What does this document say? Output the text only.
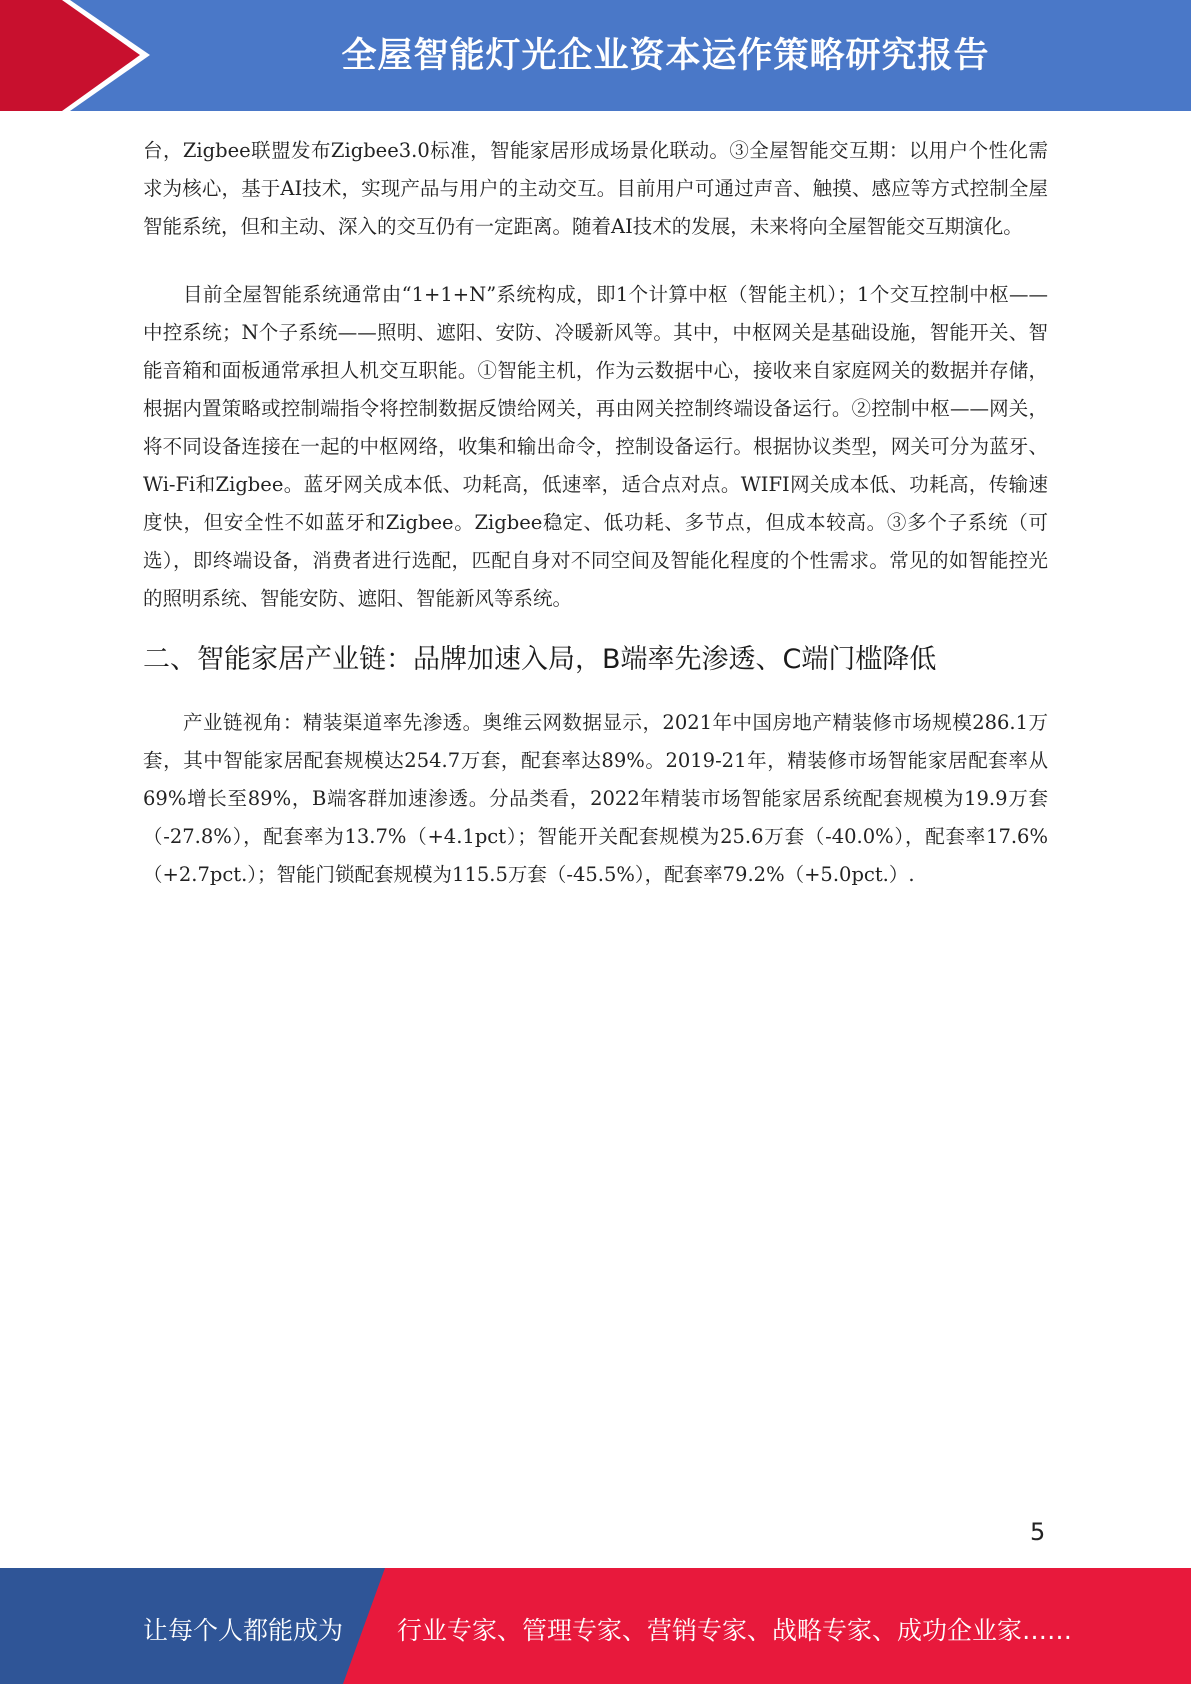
全屋智能灯光企业资本运作策略研究报告

台，Zigbee联盟发布Zigbee3.0标准，智能家居形成场景化联动。③全屋智能交互期：以用户个性化需求为核心，基于AI技术，实现产品与用户的主动交互。目前用户可通过声音、触摸、感应等方式控制全屋智能系统，但和主动、深入的交互仍有一定距离。随着AI技术的发展，未来将向全屋智能交互期演化。

目前全屋智能系统通常由“1+1+N”系统构成，即1个计算中枢（智能主机）；1个交互控制中枢——中控系统；N个子系统——照明、遮阳、安防、冷暖新风等。其中，中枢网关是基础设施，智能开关、智能音箱和面板通常承担人机交互职能。①智能主机，作为云数据中心，接收来自家庭网关的数据并存储，根据内置策略或控制端指令将控制数据反馈给网关，再由网关控制终端设备运行。②控制中枢——网关，将不同设备连接在一起的中枢网络，收集和输出命令，控制设备运行。根据协议类型，网关可分为蓝牙、Wi-Fi和Zigbee。蓝牙网关成本低、功耗高，低速率，适合点对点。WIFI网关成本低、功耗高，传输速度快，但安全性不如蓝牙和Zigbee。Zigbee稳定、低功耗、多节点，但成本较高。③多个子系统（可选），即终端设备，消费者进行选配，匹配自身对不同空间及智能化程度的个性需求。常见的如智能控光的照明系统、智能安防、遮阳、智能新风等系统。

二、智能家居产业链：品牌加速入局，B端率先渗透、C端门槛降低

产业链视角：精装渠道率先渗透。奥维云网数据显示，2021年中国房地产精装修市场规模286.1万套，其中智能家居配套规模达254.7万套，配套率达89%。2019-21年，精装修市场智能家居配套率从69%增长至89%，B端客群加速渗透。分品类看，2022年精装市场智能家居系统配套规模为19.9万套（-27.8%），配套率为13.7%（+4.1pct）；智能开关配套规模为25.6万套（-40.0%），配套率17.6%（+2.7pct.）；智能门锁配套规模为115.5万套（-45.5%），配套率79.2%（+5.0pct.）.

5
让每个人都能成为 行业专家、管理专家、营销专家、战略专家、成功企业家……
